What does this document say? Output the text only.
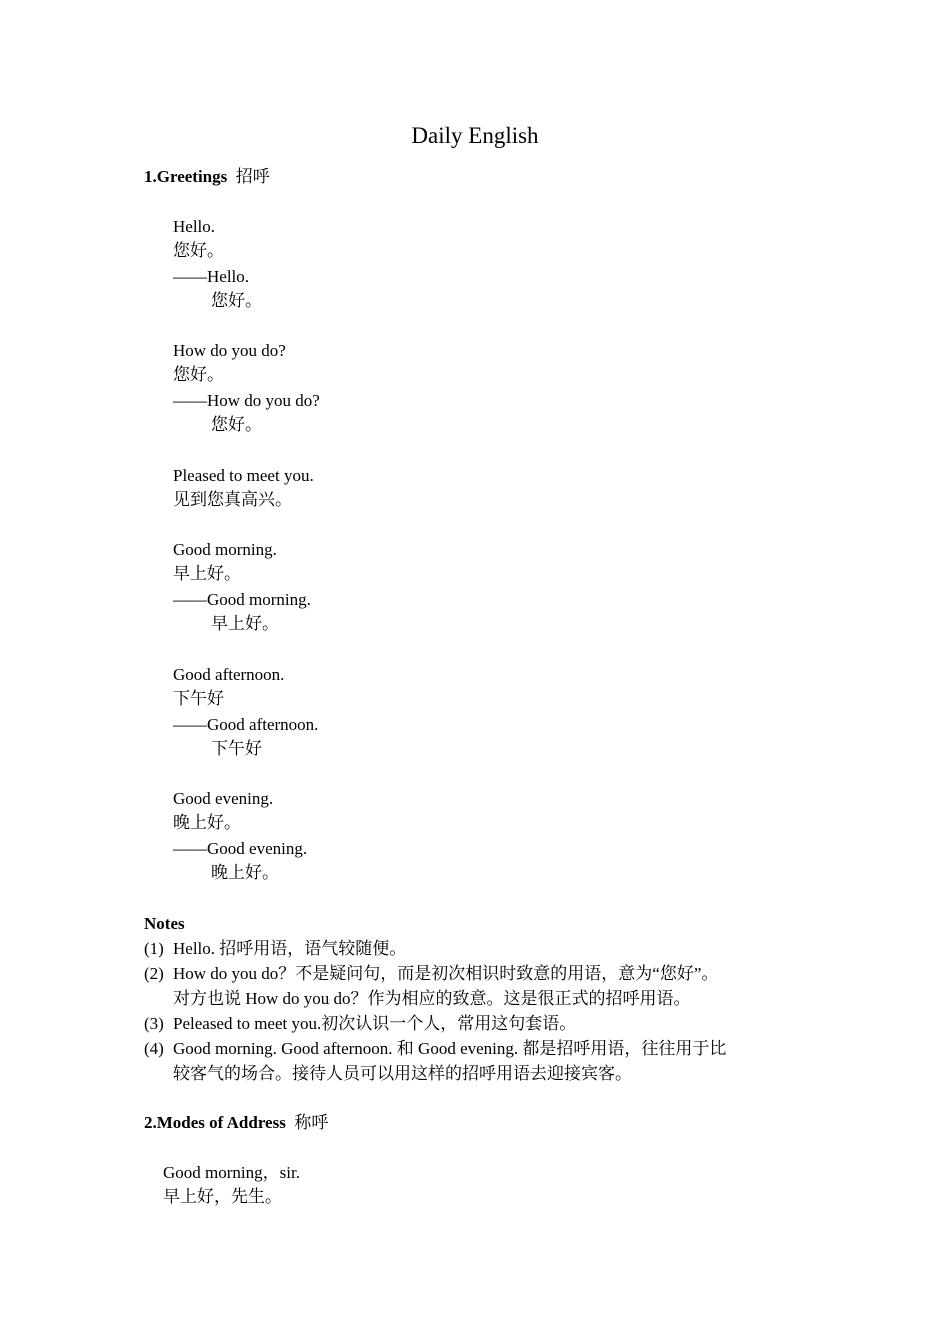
Daily English
1.Greetings 招呼
Hello.
您好。
——Hello.
您好。
How do you do?
您好。
——How do you do?
您好。
Pleased to meet you.
见到您真高兴。
Good morning.
早上好。
——Good morning.
早上好。
Good afternoon.
下午好
——Good afternoon.
下午好
Good evening.
晚上好。
——Good evening.
晚上好。
Notes
(1) Hello. 招呼用语，语气较随便。
(2) How do you do？不是疑问句，而是初次相识时致意的用语，意为“您好”。
对方也说 How do you do？作为相应的致意。这是很正式的招呼用语。
(3) Peleased to meet you.初次认识一个人，常用这句套语。
(4) Good morning. Good afternoon. 和 Good evening. 都是招呼用语，往往用于比
较客气的场合。接待人员可以用这样的招呼用语去迎接宾客。
2.Modes of Address 称呼
Good morning，sir.
早上好，先生。
